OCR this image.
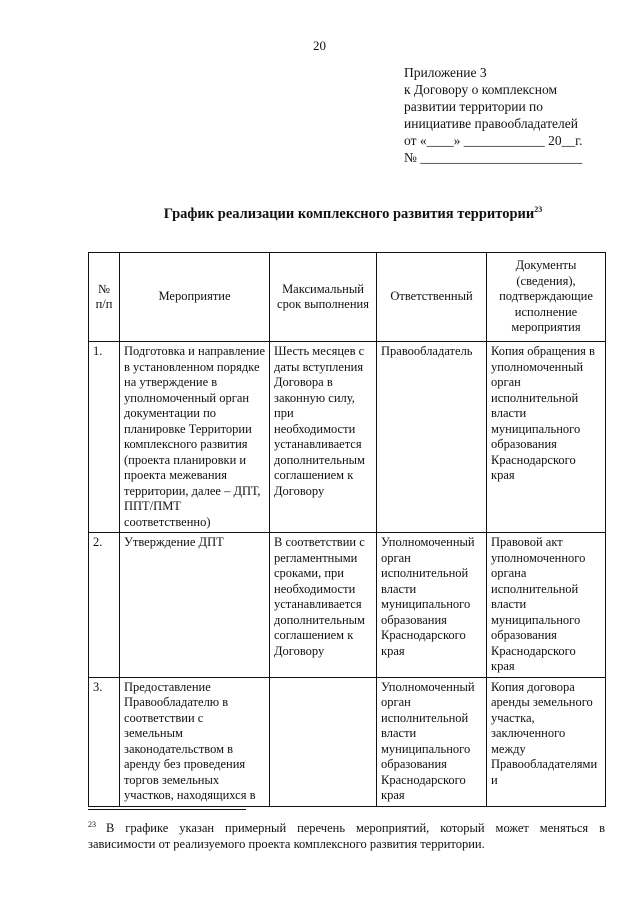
20
Приложение 3
к Договору о комплексном
развитии территории по
инициативе правообладателей
от «____» ____________ 20__г.
№ ________________________
График реализации комплексного развития территории$^{23}$
№ п/п	Мероприятие	Максимальный срок выполнения	Ответственный	Документы (сведения), подтверждающие исполнение мероприятия
1.	Подготовка и направление в установленном порядке на утверждение в уполномоченный орган документации по планировке Территории комплексного развития (проекта планировки и проекта межевания территории, далее – ДПТ, ППТ/ПМТ соответственно)	Шесть месяцев с даты вступления Договора в законную силу, при необходимости устанавливается дополнительным соглашением к Договору	Правообладатель	Копия обращения в уполномоченный орган исполнительной власти муниципального образования Краснодарского края
2.	Утверждение ДПТ	В соответствии с регламентными сроками, при необходимости устанавливается дополнительным соглашением к Договору	Уполномоченный орган исполнительной власти муниципального образования Краснодарского края	Правовой акт уполномоченного органа исполнительной власти муниципального образования Краснодарского края
3.	Предоставление Правообладателю в соответствии с земельным законодательством в аренду без проведения торгов земельных участков, находящихся в		Уполномоченный орган исполнительной власти муниципального образования Краснодарского края	Копия договора аренды земельного участка, заключенного между Правообладателями и
$^{23}$ В графике указан примерный перечень мероприятий, который может меняться в зависимости от реализуемого проекта комплексного развития территории.
